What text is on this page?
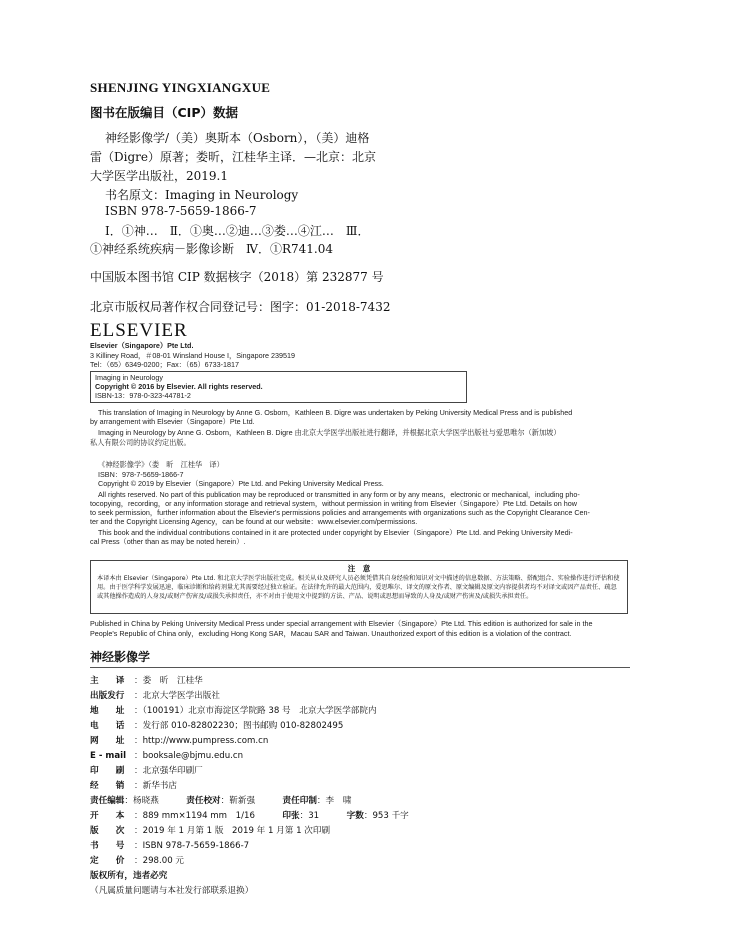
SHENJING YINGXIANGXUE
图书在版编目（CIP）数据
神经影像学/（美）奥斯本（Osborn），（美）迪格
雷（Digre）原著；娄昕，江桂华主译．—北京：北京
大学医学出版社，2019.1
书名原文：Imaging in Neurology
ISBN 978-7-5659-1866-7
Ⅰ．①神…　Ⅱ．①奥…②迪…③娄…④江…　Ⅲ．
①神经系统疾病－影像诊断　Ⅳ．①R741.04
中国版本图书馆 CIP 数据核字（2018）第 232877 号
北京市版权局著作权合同登记号：图字：01-2018-7432
ELSEVIER
Elsevier（Singapore）Pte Ltd.
3 Killiney Road，＃08-01 Winsland House I，Singapore 239519
Tel：（65）6349-0200；Fax：（65）6733-1817
Imaging in Neurology
Copyright © 2016 by Elsevier. All rights reserved.
ISBN-13：978-0-323-44781-2
This translation of Imaging in Neurology by Anne G. Osborn，Kathleen B. Digre was undertaken by Peking University Medical Press and is published
by arrangement with Elsevier（Singapore）Pte Ltd.
Imaging in Neurology by Anne G. Osborn，Kathleen B. Digre 由北京大学医学出版社进行翻译，并根据北京大学医学出版社与爱思唯尔（新加坡）
私人有限公司的协议约定出版。
《神经影像学》（娄　昕　江桂华　译）
ISBN：978-7-5659-1866-7
Copyright © 2019 by Elsevier（Singapore）Pte Ltd. and Peking University Medical Press.
All rights reserved. No part of this publication may be reproduced or transmitted in any form or by any means，electronic or mechanical，including pho-
tocopying，recording，or any information storage and retrieval system，without permission in writing from Elsevier（Singapore）Pte Ltd. Details on how
to seek permission，further information about the Elsevier's permissions policies and arrangements with organizations such as the Copyright Clearance Cen-
ter and the Copyright Licensing Agency，can be found at our website：www.elsevier.com/permissions.
This book and the individual contributions contained in it are protected under copyright by Elsevier（Singapore）Pte Ltd. and Peking University Medi-
cal Press（other than as may be noted herein）.
注　意
本译本由 Elsevier（Singapore）Pte Ltd. 和北京大学医学出版社完成。相关从业及研究人员必须凭借其自身经验和知识对文中描述的信息数据、方法策略、搭配组合、实验操作进行评估和使用。由于医学科学发展迅速，临床诊断和给药剂量尤其需要经过独立验证。在法律允许的最大范围内，爱思唯尔、译文的原文作者、原文编辑及原文内容提供者均不对译文或因产品责任、疏忽或其他操作造成的人身及/或财产伤害及/或损失承担责任，亦不对由于使用文中提到的方法、产品、说明或思想而导致的人身及/或财产伤害及/或损失承担责任。
Published in China by Peking University Medical Press under special arrangement with Elsevier（Singapore）Pte Ltd. This edition is authorized for sale in the
People's Republic of China only，excluding Hong Kong SAR，Macau SAR and Taiwan. Unauthorized export of this edition is a violation of the contract.
神经影像学
主　　译 ：娄　昕　江桂华
出版发行 ：北京大学医学出版社
地　　址 ：（100191）北京市海淀区学院路 38 号　北京大学医学部院内
电　　话 ：发行部 010-82802230；图书邮购 010-82802495
网　　址 ：http://www.pumpress.com.cn
E - mail ：booksale@bjmu.edu.cn
印　　刷 ：北京强华印刷厂
经　　销 ：新华书店
责任编辑：杨晓燕	责任校对：靳新强	责任印制：李　啸
开　　本 ：889 mm×1194 mm　1/16	印张：31	字数：953 千字
版　　次 ：2019 年 1 月第 1 版　2019 年 1 月第 1 次印刷
书　　号 ：ISBN 978-7-5659-1866-7
定　　价 ：298.00 元
版权所有，违者必究
（凡属质量问题请与本社发行部联系退换）
